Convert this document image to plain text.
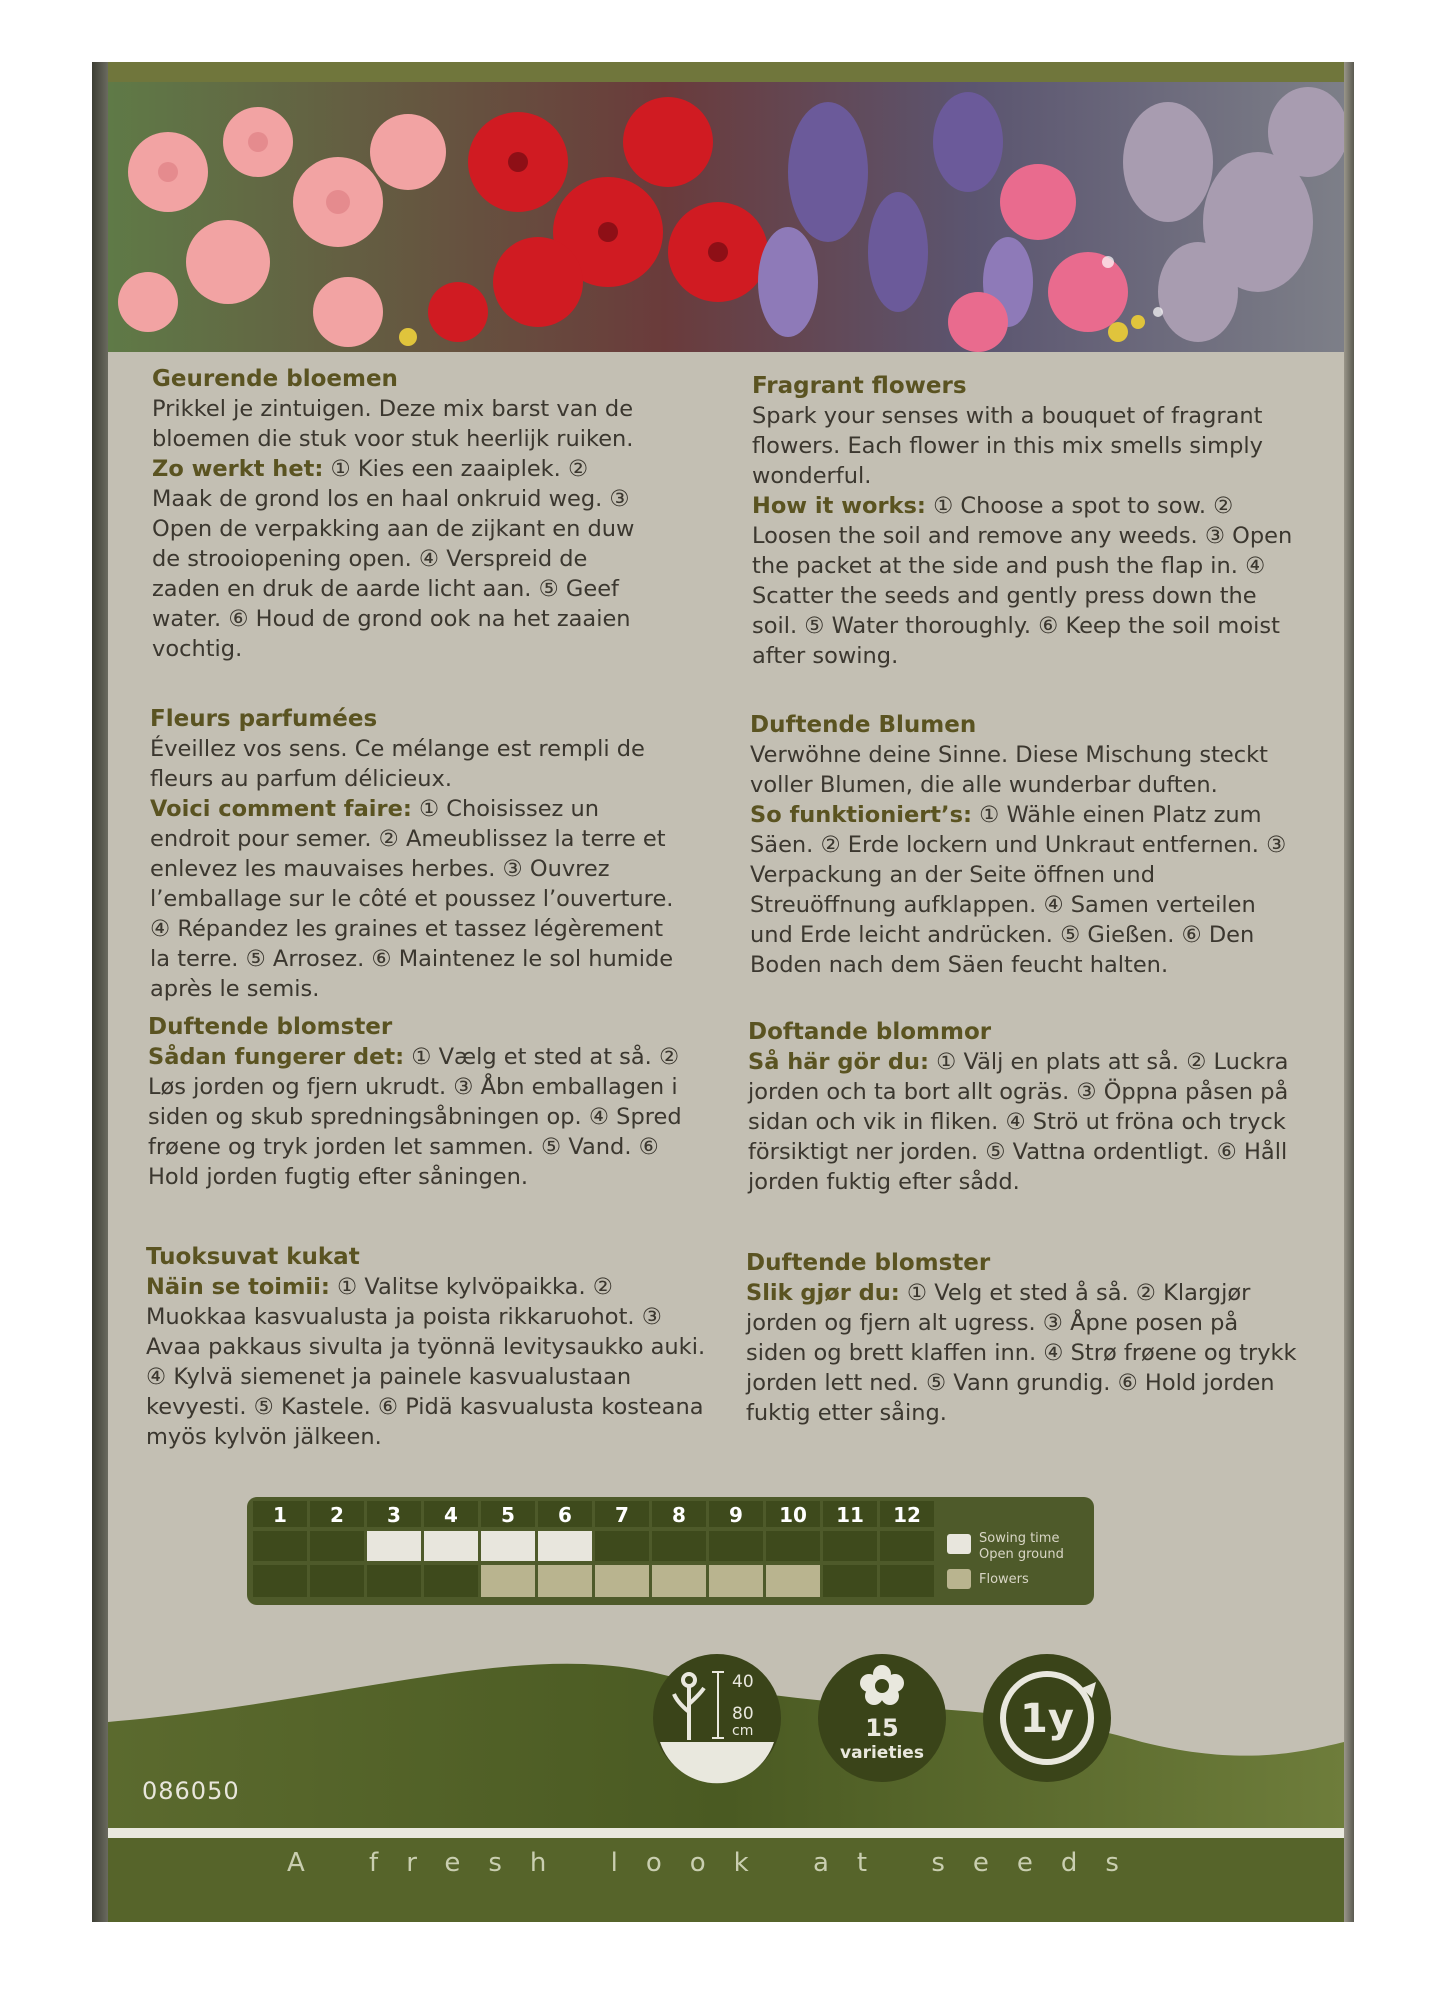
Geurende bloemen

Prikkel je zintuigen. Deze mix barst van de bloemen die stuk voor stuk heerlijk ruiken.

Zo werkt het: ① Kies een zaaiplek. ② Maak de grond los en haal onkruid weg. ③ Open de verpakking aan de zijkant en duw de strooiopening open. ④ Verspreid de zaden en druk de aarde licht aan. ⑤ Geef water. ⑥ Houd de grond ook na het zaaien vochtig.

Fragrant flowers

Spark your senses with a bouquet of fragrant flowers. Each flower in this mix smells simply wonderful.

How it works: ① Choose a spot to sow. ② Loosen the soil and remove any weeds. ③ Open the packet at the side and push the flap in. ④ Scatter the seeds and gently press down the soil. ⑤ Water thoroughly. ⑥ Keep the soil moist after sowing.

Fleurs parfumées

Éveillez vos sens. Ce mélange est rempli de fleurs au parfum délicieux.

Voici comment faire: ① Choisissez un endroit pour semer. ② Ameublissez la terre et enlevez les mauvaises herbes. ③ Ouvrez l’emballage sur le côté et poussez l’ouverture. ④ Répandez les graines et tassez légèrement la terre. ⑤ Arrosez. ⑥ Maintenez le sol humide après le semis.

Duftende Blumen

Verwöhne deine Sinne. Diese Mischung steckt voller Blumen, die alle wunderbar duften.

So funktioniert’s: ① Wähle einen Platz zum Säen. ② Erde lockern und Unkraut entfernen. ③ Verpackung an der Seite öffnen und Streuöffnung aufklappen. ④ Samen verteilen und Erde leicht andrücken. ⑤ Gießen. ⑥ Den Boden nach dem Säen feucht halten.

Duftende blomster

Sådan fungerer det: ① Vælg et sted at så. ② Løs jorden og fjern ukrudt. ③ Åbn emballagen i siden og skub spredningsåbningen op. ④ Spred frøene og tryk jorden let sammen. ⑤ Vand. ⑥ Hold jorden fugtig efter såningen.

Doftande blommor

Så här gör du: ① Välj en plats att så. ② Luckra jorden och ta bort allt ogräs. ③ Öppna påsen på sidan och vik in fliken. ④ Strö ut fröna och tryck försiktigt ner jorden. ⑤ Vattna ordentligt. ⑥ Håll jorden fuktig efter sådd.

Tuoksuvat kukat

Näin se toimii: ① Valitse kylvöpaikka. ② Muokkaa kasvualusta ja poista rikkaruohot. ③ Avaa pakkaus sivulta ja työnnä levitysaukko auki. ④ Kylvä siemenet ja painele kasvualustaan kevyesti. ⑤ Kastele. ⑥ Pidä kasvualusta kosteana myös kylvön jälkeen.

Duftende blomster

Slik gjør du: ① Velg et sted å så. ② Klargjør jorden og fjern alt ugress. ③ Åpne posen på siden og brett klaffen inn. ④ Strø frøene og trykk jorden lett ned. ⑤ Vann grundig. ⑥ Hold jorden fuktig etter såing.

1 2 3 4 5 6 7 8 9 10 11 12
Sowing time
Open ground
Flowers
40
80
cm	15
varieties
1y
086050
A fresh look at seeds
